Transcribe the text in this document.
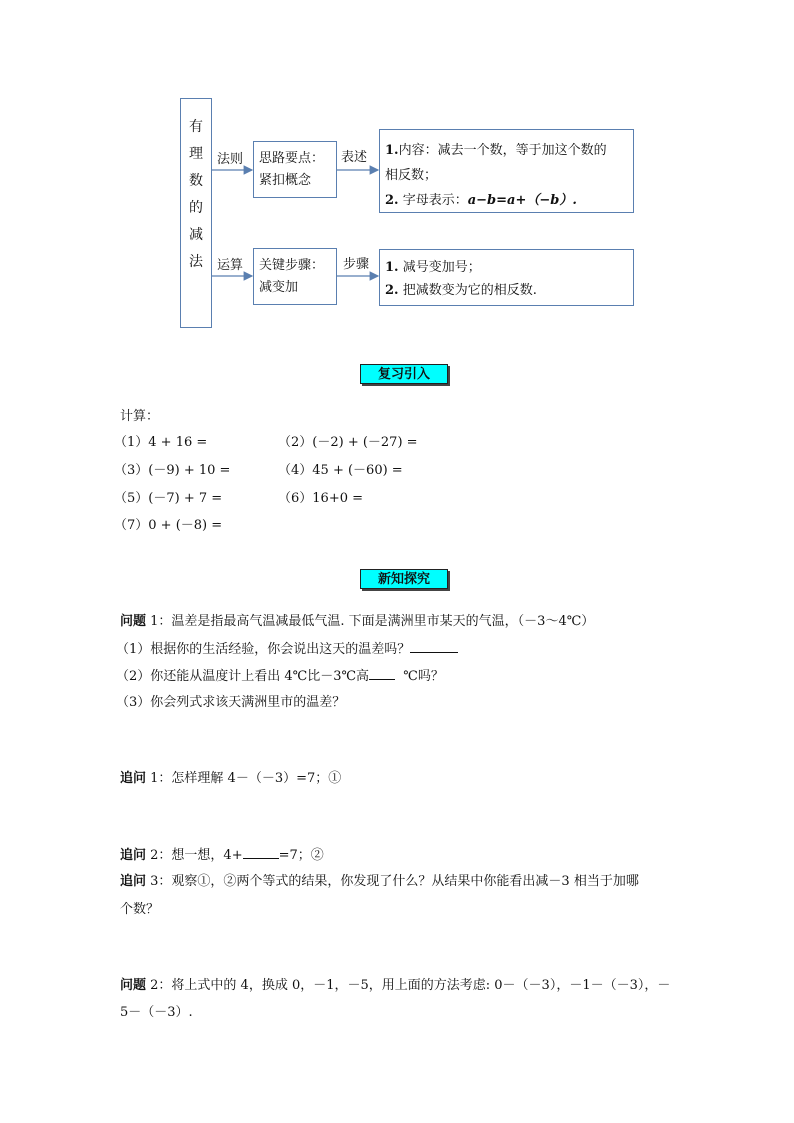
有
理
数
的
减
法
法则
运算
思路要点：
紧扣概念
关键步骤：
减变加
表述
步骤
1.内容：减去一个数，等于加这个数的
相反数；
2. 字母表示：a−b=a+（−b）.
1. 减号变加号；
2. 把减数变为它的相反数.
复习引入
计算：
（1）4 + 16 =	（2）(－2) + (－27) =
（3）(－9) + 10 =	（4）45 + (－60) =
（5）(－7) + 7 =	（6）16+0 =
（7）0 + (－8) =
新知探究
问题 1：温差是指最高气温减最低气温. 下面是满洲里市某天的气温，（－3～4℃）
（1）根据你的生活经验，你会说出这天的温差吗？
（2）你还能从温度计上看出 4℃比－3℃高	℃吗？
（3）你会列式求该天满洲里市的温差？
追问 1：怎样理解 4－（－3）=7；①
追问 2：想一想，4+	=7；②
追问 3：观察①，②两个等式的结果，你发现了什么？从结果中你能看出减－3 相当于加哪
个数？
问题 2：将上式中的 4，换成 0，－1，－5，用上面的方法考虑: 0－（－3），－1－（－3），－
5－（－3）.
